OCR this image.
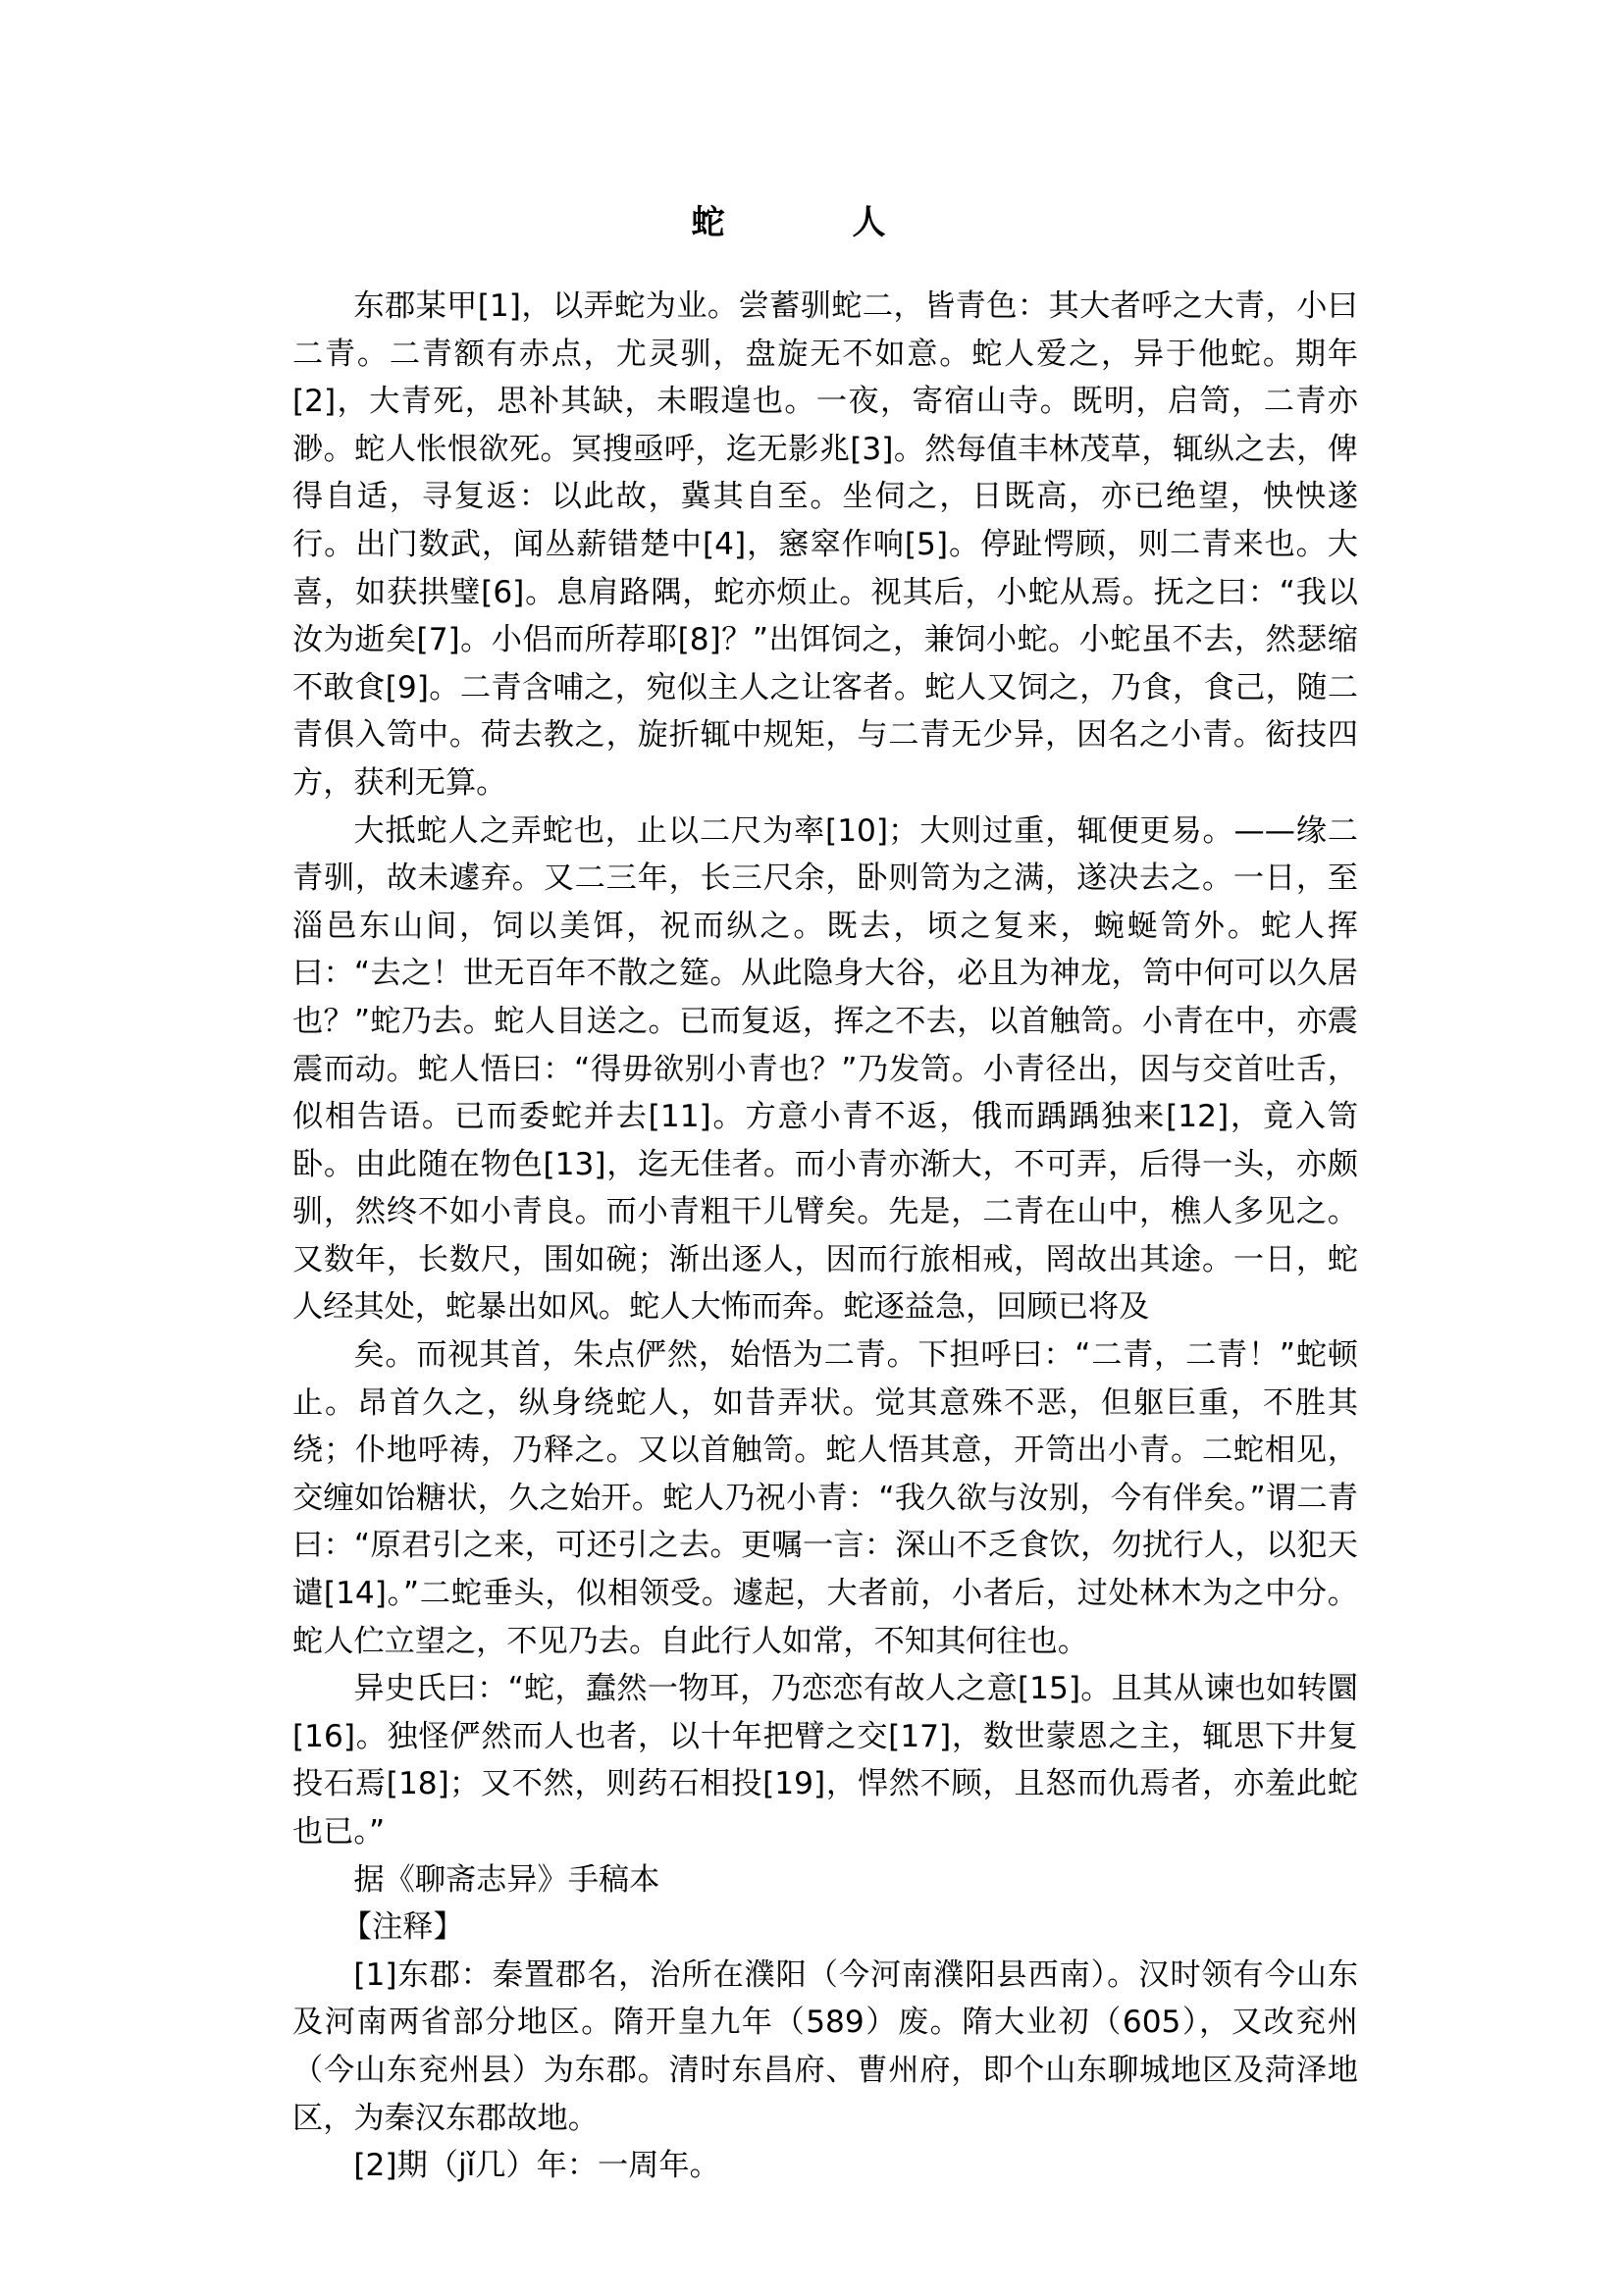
蛇　人

东郡某甲[1]，以弄蛇为业。尝蓄驯蛇二，皆青色：其大者呼之大青，小曰二青。二青额有赤点，尤灵驯，盘旋无不如意。蛇人爱之，异于他蛇。期年[2]，大青死，思补其缺，未暇遑也。一夜，寄宿山寺。既明，启笥，二青亦渺。蛇人怅恨欲死。冥搜亟呼，迄无影兆[3]。然每值丰林茂草，辄纵之去，俾得自适，寻复返：以此故，冀其自至。坐伺之，日既高，亦已绝望，怏怏遂行。出门数武，闻丛薪错楚中[4]，窸窣作响[5]。停趾愕顾，则二青来也。大喜，如获拱璧[6]。息肩路隅，蛇亦烦止。视其后，小蛇从焉。抚之曰：“我以汝为逝矣[7]。小侣而所荐耶[8]？”出饵饲之，兼饲小蛇。小蛇虽不去，然瑟缩不敢食[9]。二青含哺之，宛似主人之让客者。蛇人又饲之，乃食，食己，随二青俱入笥中。荷去教之，旋折辄中规矩，与二青无少异，因名之小青。衒技四方，获利无算。

大抵蛇人之弄蛇也，止以二尺为率[10]；大则过重，辄便更易。——缘二青驯，故未遽弃。又二三年，长三尺余，卧则笥为之满，遂决去之。一日，至淄邑东山间，饲以美饵，祝而纵之。既去，顷之复来，蜿蜒笥外。蛇人挥曰：“去之！世无百年不散之筵。从此隐身大谷，必且为神龙，笥中何可以久居也？”蛇乃去。蛇人目送之。已而复返，挥之不去，以首触笥。小青在中，亦震震而动。蛇人悟曰：“得毋欲别小青也？”乃发笥。小青径出，因与交首吐舌，似相告语。已而委蛇并去[11]。方意小青不返，俄而踽踽独来[12]，竟入笥卧。由此随在物色[13]，迄无佳者。而小青亦渐大，不可弄，后得一头，亦颇驯，然终不如小青良。而小青粗干儿臂矣。先是，二青在山中，樵人多见之。又数年，长数尺，围如碗；渐出逐人，因而行旅相戒，罔故出其途。一日，蛇人经其处，蛇暴出如风。蛇人大怖而奔。蛇逐益急，回顾已将及

矣。而视其首，朱点俨然，始悟为二青。下担呼曰：“二青，二青！”蛇顿止。昂首久之，纵身绕蛇人，如昔弄状。觉其意殊不恶，但躯巨重，不胜其绕；仆地呼祷，乃释之。又以首触笥。蛇人悟其意，开笥出小青。二蛇相见，交缠如饴糖状，久之始开。蛇人乃祝小青：“我久欲与汝别，今有伴矣。”谓二青曰：“原君引之来，可还引之去。更嘱一言：深山不乏食饮，勿扰行人，以犯天谴[14]。”二蛇垂头，似相领受。遽起，大者前，小者后，过处林木为之中分。蛇人伫立望之，不见乃去。自此行人如常，不知其何往也。

异史氏曰：“蛇，蠢然一物耳，乃恋恋有故人之意[15]。且其从谏也如转圜[16]。独怪俨然而人也者，以十年把臂之交[17]，数世蒙恩之主，辄思下井复投石焉[18]；又不然，则药石相投[19]，悍然不顾，且怒而仇焉者，亦羞此蛇也已。”

据《聊斋志异》手稿本

【注释】

[1]东郡：秦置郡名，治所在濮阳（今河南濮阳县西南）。汉时领有今山东及河南两省部分地区。隋开皇九年（589）废。隋大业初（605），又改兖州（今山东兖州县）为东郡。清时东昌府、曹州府，即个山东聊城地区及菏泽地区，为秦汉东郡故地。

[2]期（jǐ几）年：一周年。
